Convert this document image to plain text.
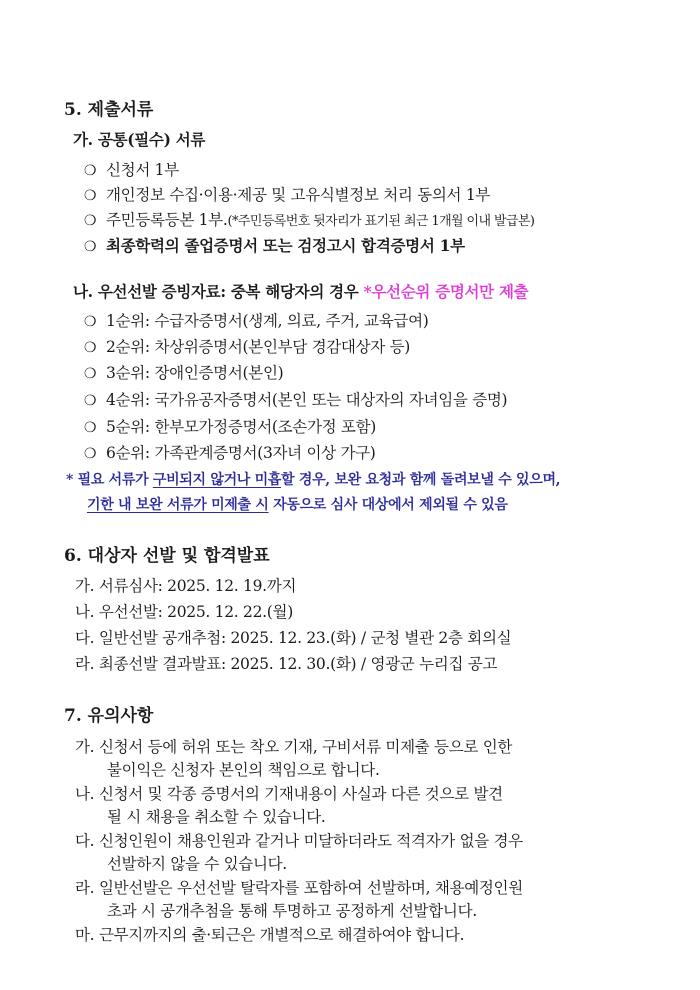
5. 제출서류
가. 공통(필수) 서류
❍ 신청서 1부
❍ 개인정보 수집·이용·제공 및 고유식별정보 처리 동의서 1부
❍ 주민등록등본 1부.(*주민등록번호 뒷자리가 표기된 최근 1개월 이내 발급본)
❍ 최종학력의 졸업증명서 또는 검정고시 합격증명서 1부
나. 우선선발 증빙자료: 중복 해당자의 경우 *우선순위 증명서만 제출
❍ 1순위: 수급자증명서(생계, 의료, 주거, 교육급여)
❍ 2순위: 차상위증명서(본인부담 경감대상자 등)
❍ 3순위: 장애인증명서(본인)
❍ 4순위: 국가유공자증명서(본인 또는 대상자의 자녀임을 증명)
❍ 5순위: 한부모가정증명서(조손가정 포함)
❍ 6순위: 가족관계증명서(3자녀 이상 가구)
* 필요 서류가 구비되지 않거나 미흡할 경우, 보완 요청과 함께 돌려보낼 수 있으며,
기한 내 보완 서류가 미제출 시 자동으로 심사 대상에서 제외될 수 있음
6. 대상자 선발 및 합격발표
가. 서류심사: 2025. 12. 19.까지
나. 우선선발: 2025. 12. 22.(월)
다. 일반선발 공개추첨: 2025. 12. 23.(화) / 군청 별관 2층 회의실
라. 최종선발 결과발표: 2025. 12. 30.(화) / 영광군 누리집 공고
7. 유의사항
가. 신청서 등에 허위 또는 착오 기재, 구비서류 미제출 등으로 인한
불이익은 신청자 본인의 책임으로 합니다.
나. 신청서 및 각종 증명서의 기재내용이 사실과 다른 것으로 발견
될 시 채용을 취소할 수 있습니다.
다. 신청인원이 채용인원과 같거나 미달하더라도 적격자가 없을 경우
선발하지 않을 수 있습니다.
라. 일반선발은 우선선발 탈락자를 포함하여 선발하며, 채용예정인원
초과 시 공개추첨을 통해 투명하고 공정하게 선발합니다.
마. 근무지까지의 출·퇴근은 개별적으로 해결하여야 합니다.
